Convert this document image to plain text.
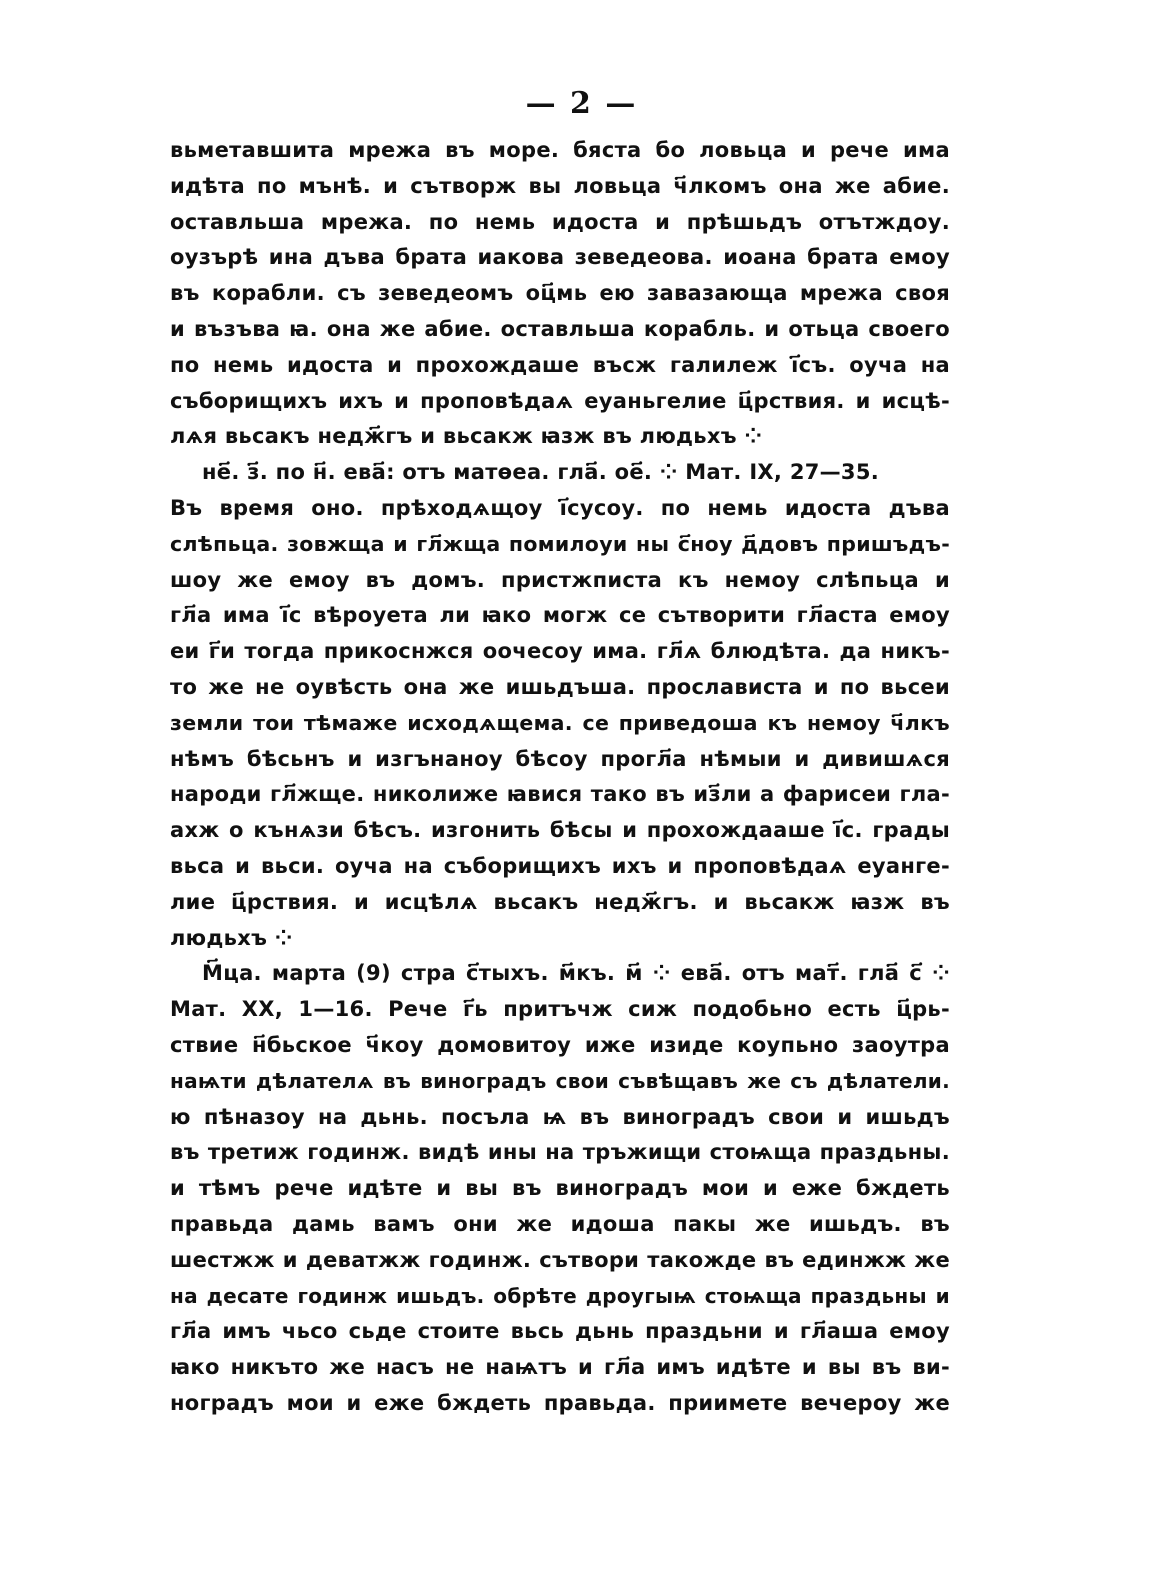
— 2 —
вьметавшита мрежа въ море. бяста бо ловьца и рече има
идѣта по мънѣ. и сътворж вы ловьца ч҃лкомъ она же абие.
оставльша мрежа. по немь идоста и прѣшьдъ отътждоу.
оузърѣ ина дъва брата иакова зеведеова. иоана брата емоу
въ корабли. съ зеведеомъ оц҃мь ею завазающа мрежа своя
и възъва ꙗ. она же абие. оставльша корабль. и отьца своего
по немь идоста и прохождаше въсж галилеж і҃съ. оуча на
съборищихъ ихъ и проповѣдаѧ еуаньгелие ц҃рствия. и исцѣ-
лѧя вьсакъ недж҃гъ и вьсакж ꙗзж въ людьхъ ⁘
не҃. з҃. по н҃. ева҃: отъ матѳеа. гла҃. ое҃. ⁘ Мат. IX, 27—35.
Въ время оно. прѣходѧщоу і҃сусоу. по немь идоста дъва
слѣпьца. зовжща и гл҃жща помилоуи ны с҃ноу д҃довъ пришъдъ-
шоу же емоу въ домъ. пристжписта къ немоу слѣпьца и
гл҃а има і҃с вѣроуета ли ꙗко могж се сътворити гл҃аста емоу
еи г҃и тогда прикоснжся оочесоу има. гл҃ѧ блюдѣта. да никъ-
то же не оувѣсть она же ишьдъша. прослависта и по вьсеи
земли тои тѣмаже исходѧщема. се приведоша къ немоу ч҃лкъ
нѣмъ бѣсьнъ и изгънаноу бѣсоу прогл҃а нѣмыи и дивишѧся
народи гл҃жще. николиже ꙗвися тако въ из҃ли а фарисеи гла-
ахж о кънѧзи бѣсъ. изгонить бѣсы и прохождааше і҃с. грады
вьса и вьси. оуча на съборищихъ ихъ и проповѣдаѧ еуанге-
лие ц҃рствия. и исцѣлѧ вьсакъ недж҃гъ. и вьсакж ꙗзж въ
людьхъ ⁘
М҃ца. марта (9) стра с҃тыхъ. м҃къ. м҃ ⁘ ева҃. отъ мат҃. гла҃ с҃ ⁘
Мат. XX, 1—16. Рече г҃ь притъчж сиж подобьно есть ц҃рь-
ствие н҃бьское ч҃коу домовитоу иже изиде коупьно заоутра
наѩти дѣлателѧ въ виноградъ свои съвѣщавъ же съ дѣлатели.
ю пѣназоу на дьнь. посъла ѩ въ виноградъ свои и ишьдъ
въ третиж годинж. видѣ ины на тръжищи стоѩща праздьны.
и тѣмъ рече идѣте и вы въ виноградъ мои и еже бждеть
правьда дамь вамъ они же идоша пакы же ишьдъ. въ
шестжж и деватжж годинж. сътвори такожде въ единжж же
на десате годинж ишьдъ. обрѣте дроугыѩ стоѩща праздьны и
гл҃а имъ чьсо сьде стоите вьсь дьнь праздьни и гл҃аша емоу
ꙗко никъто же насъ не наѩтъ и гл҃а имъ идѣте и вы въ ви-
ноградъ мои и еже бждеть правьда. приимете вечероу же
